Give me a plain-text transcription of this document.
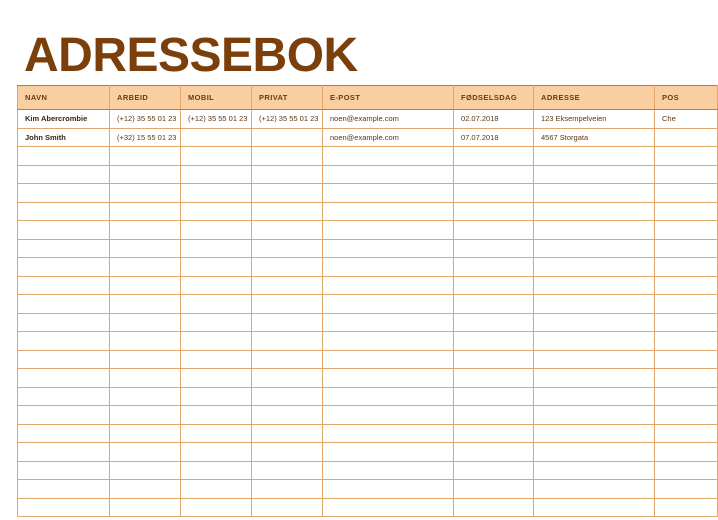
ADRESSEBOK
NAVN	ARBEID	MOBIL	PRIVAT	E-POST	FØDSELSDAG	ADRESSE	POS
Kim Abercrombie	(+12) 35 55 01 23	(+12) 35 55 01 23	(+12) 35 55 01 23	noen@example.com	02.07.2018	123 Eksempelveien	Che
John Smith	(+32) 15 55 01 23			noen@example.com	07.07.2018	4567 Storgata	
